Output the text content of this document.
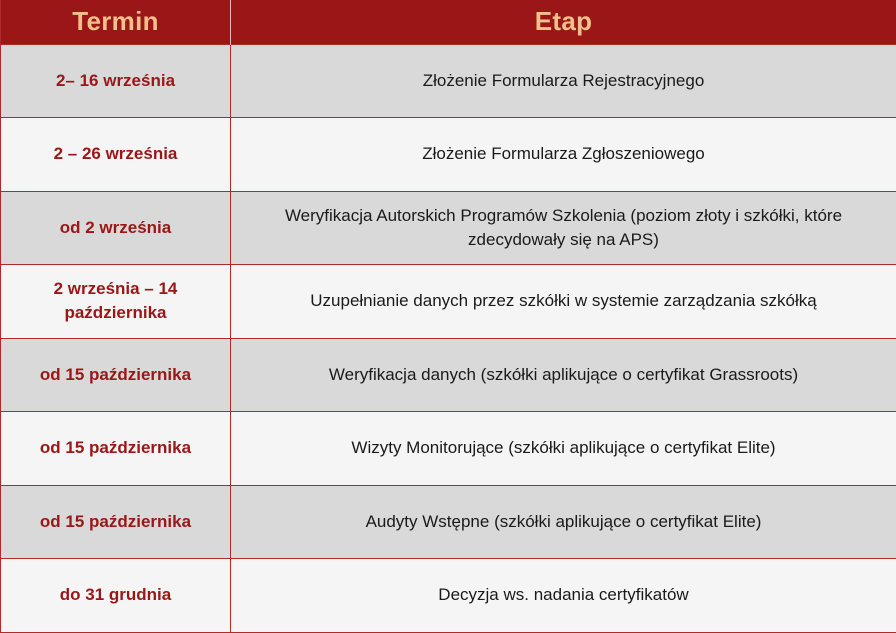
Termin	Etap
2– 16 września	Złożenie Formularza Rejestracyjnego
2 – 26 września	Złożenie Formularza Zgłoszeniowego
od 2 września	Weryfikacja Autorskich Programów Szkolenia (poziom złoty i szkółki, które zdecydowały się na APS)
2 września – 14 października	Uzupełnianie danych przez szkółki w systemie zarządzania szkółką
od 15 października	Weryfikacja danych (szkółki aplikujące o certyfikat Grassroots)
od 15 października	Wizyty Monitorujące (szkółki aplikujące o certyfikat Elite)
od 15 października	Audyty Wstępne (szkółki aplikujące o certyfikat Elite)
do 31 grudnia	Decyzja ws. nadania certyfikatów
